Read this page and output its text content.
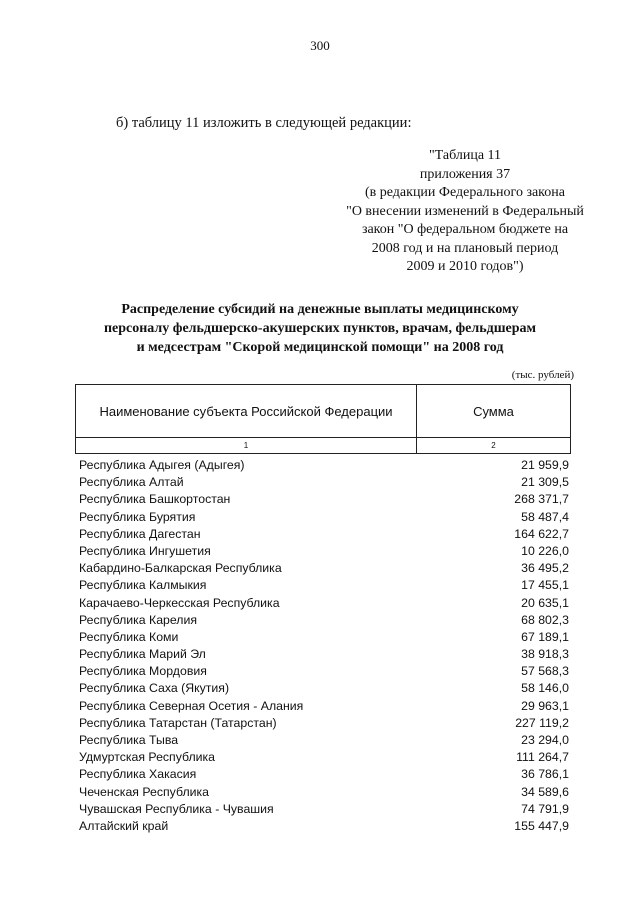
300
б) таблицу 11 изложить в следующей редакции:
"Таблица 11
приложения 37
(в редакции Федерального закона
"О внесении изменений в Федеральный
закон "О федеральном бюджете на
2008 год и на плановый период
2009 и 2010 годов")
Распределение субсидий на денежные выплаты медицинскому
персоналу фельдшерско-акушерских пунктов, врачам, фельдшерам
и медсестрам "Скорой медицинской помощи" на 2008 год
(тыс. рублей)
Наименование субъекта Российской Федерации	Сумма
1	2
Республика Адыгея (Адыгея)	21 959,9
Республика Алтай	21 309,5
Республика Башкортостан	268 371,7
Республика Бурятия	58 487,4
Республика Дагестан	164 622,7
Республика Ингушетия	10 226,0
Кабардино-Балкарская Республика	36 495,2
Республика Калмыкия	17 455,1
Карачаево-Черкесская Республика	20 635,1
Республика Карелия	68 802,3
Республика Коми	67 189,1
Республика Марий Эл	38 918,3
Республика Мордовия	57 568,3
Республика Саха (Якутия)	58 146,0
Республика Северная Осетия - Алания	29 963,1
Республика Татарстан (Татарстан)	227 119,2
Республика Тыва	23 294,0
Удмуртская Республика	111 264,7
Республика Хакасия	36 786,1
Чеченская Республика	34 589,6
Чувашская Республика - Чувашия	74 791,9
Алтайский край	155 447,9
